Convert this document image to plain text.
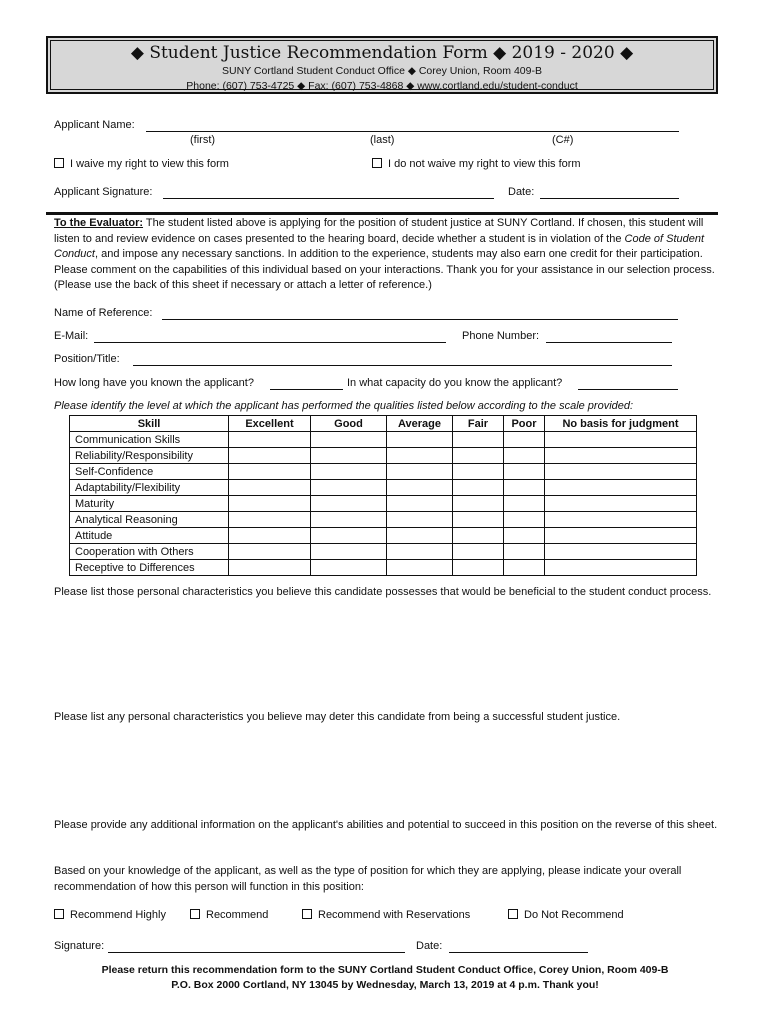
◆ Student Justice Recommendation Form ◆ 2019 - 2020 ◆
SUNY Cortland Student Conduct Office ◆ Corey Union, Room 409-B
Phone: (607) 753-4725 ◆ Fax: (607) 753-4868 ◆ www.cortland.edu/student-conduct
Applicant Name:
(first)	(last)	(C#)
I waive my right to view this form	I do not waive my right to view this form
Applicant Signature:	Date:
To the Evaluator: The student listed above is applying for the position of student justice at SUNY Cortland. If chosen, this student will listen to and review evidence on cases presented to the hearing board, decide whether a student is in violation of the Code of Student Conduct, and impose any necessary sanctions. In addition to the experience, students may also earn one credit for their participation. Please comment on the capabilities of this individual based on your interactions. Thank you for your assistance in our selection process. (Please use the back of this sheet if necessary or attach a letter of reference.)
Name of Reference:
E-Mail:	Phone Number:
Position/Title:
How long have you known the applicant?	In what capacity do you know the applicant?
Please identify the level at which the applicant has performed the qualities listed below according to the scale provided:
Skill	Excellent	Good	Average	Fair	Poor	No basis for judgment
Communication Skills						
Reliability/Responsibility						
Self-Confidence						
Adaptability/Flexibility						
Maturity						
Analytical Reasoning						
Attitude						
Cooperation with Others						
Receptive to Differences						
Please list those personal characteristics you believe this candidate possesses that would be beneficial to the student conduct process.
Please list any personal characteristics you believe may deter this candidate from being a successful student justice.
Please provide any additional information on the applicant's abilities and potential to succeed in this position on the reverse of this sheet.
Based on your knowledge of the applicant, as well as the type of position for which they are applying, please indicate your overall recommendation of how this person will function in this position:
Recommend Highly	Recommend	Recommend with Reservations	Do Not Recommend
Signature:	Date:
Please return this recommendation form to the SUNY Cortland Student Conduct Office, Corey Union, Room 409-B
P.O. Box 2000 Cortland, NY 13045 by Wednesday, March 13, 2019 at 4 p.m. Thank you!
